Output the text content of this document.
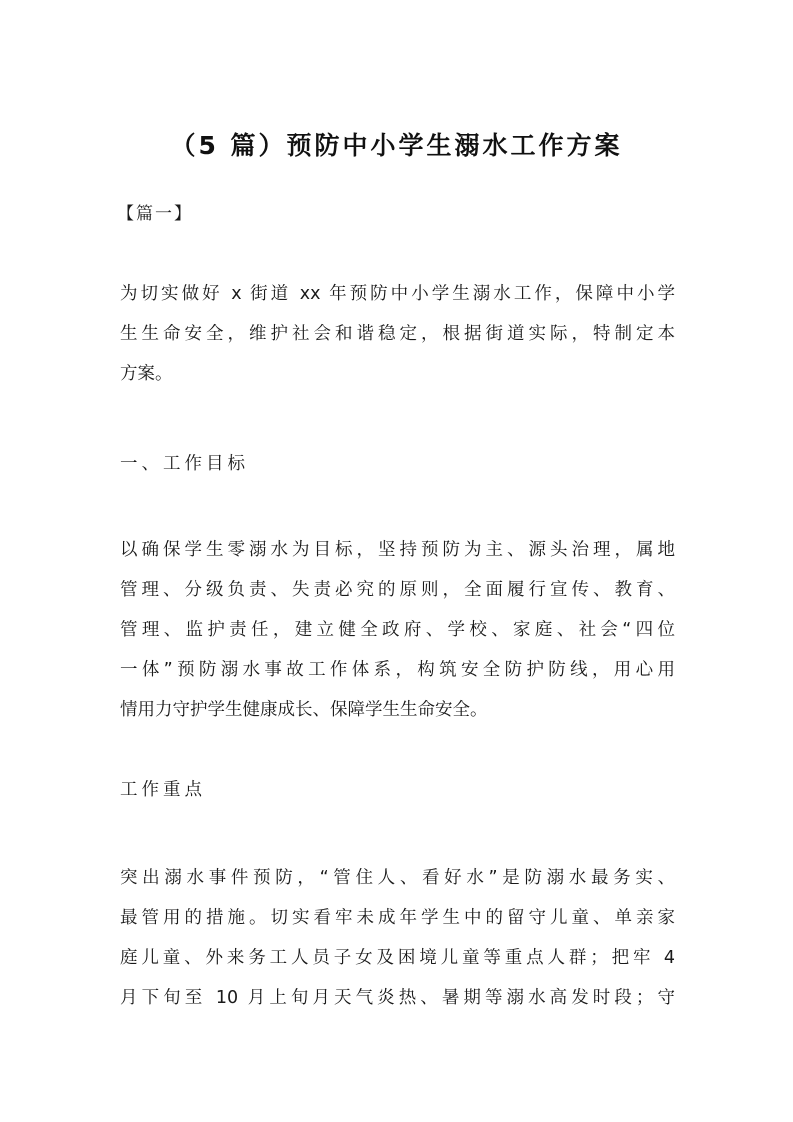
（5 篇）预防中小学生溺水工作方案

【篇一】

为切实做好 x 街道 xx 年预防中小学生溺水工作，保障中小学
生生命安全，维护社会和谐稳定，根据街道实际，特制定本
方案。
一、工作目标
以确保学生零溺水为目标，坚持预防为主、源头治理，属地
管理、分级负责、失责必究的原则，全面履行宣传、教育、
管理、监护责任，建立健全政府、学校、家庭、社会“四位
一体”预防溺水事故工作体系，构筑安全防护防线，用心用
情用力守护学生健康成长、保障学生生命安全。
工作重点
突出溺水事件预防，“管住人、看好水”是防溺水最务实、
最管用的措施。切实看牢未成年学生中的留守儿童、单亲家
庭儿童、外来务工人员子女及困境儿童等重点人群；把牢 4
月下旬至 10 月上旬月天气炎热、暑期等溺水高发时段；守
